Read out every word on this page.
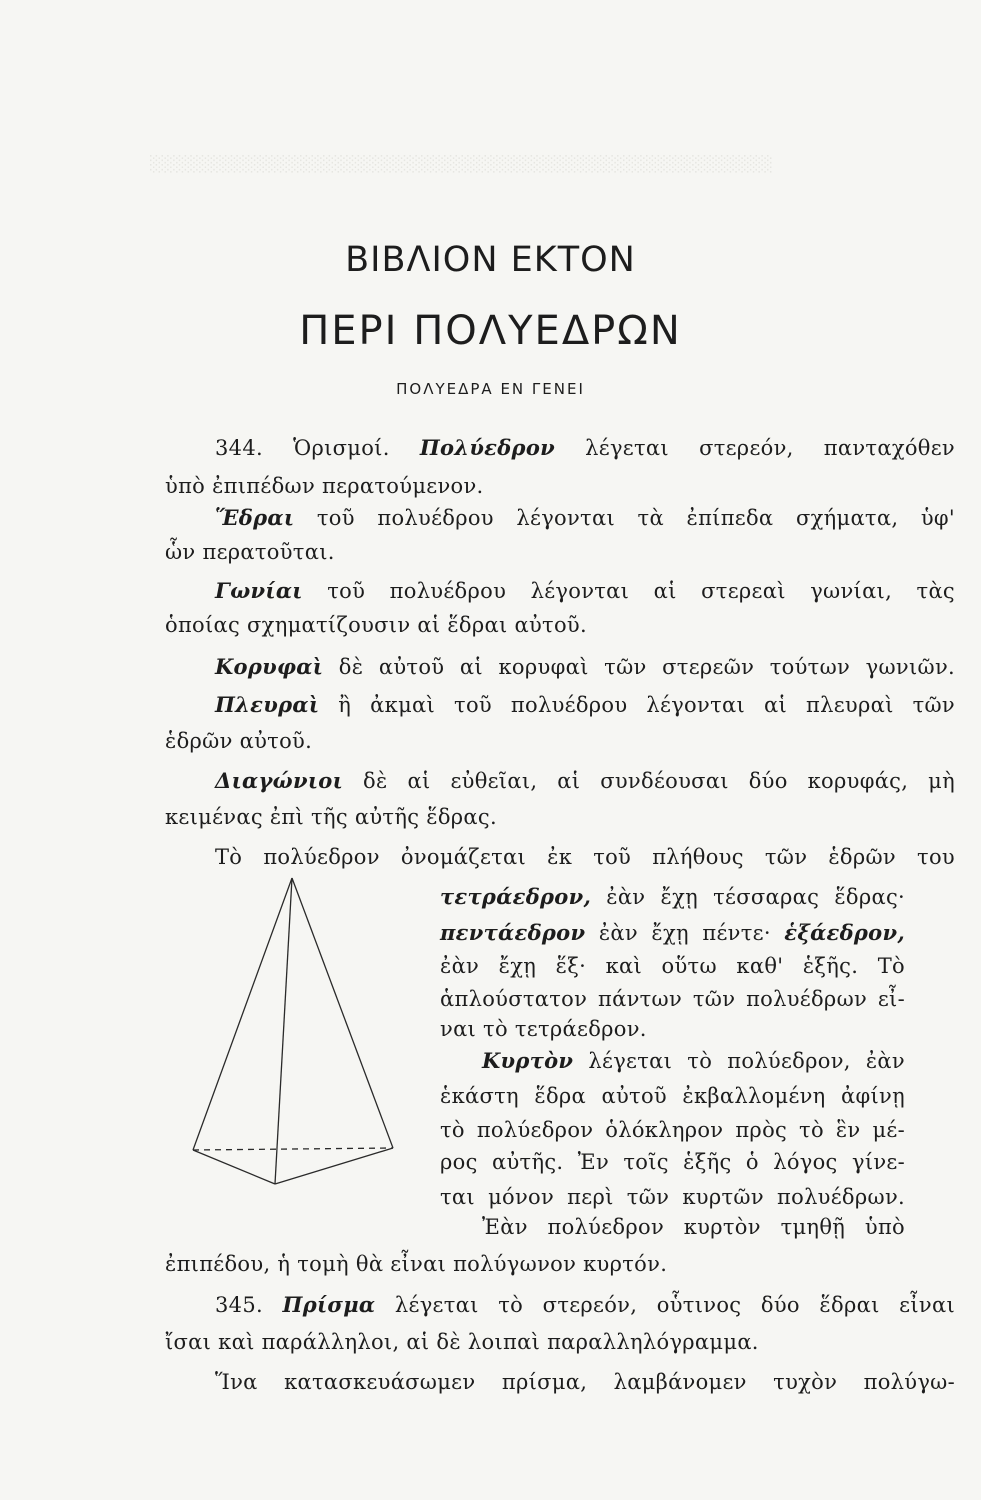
░░░░░░░░░░░░░░░░░░░░░░░░░░░░░░░░░░░░░░░░░░░░░░░░░░░░░░
ΒΙΒΛΙΟΝ ΕΚΤΟΝ
ΠΕΡΙ ΠΟΛΥΕΔΡΩΝ
ΠΟΛΥΕΔΡΑ ΕΝ ΓΕΝΕΙ
344. Ὁρισμοί. Πολύεδρον λέγεται στερεόν, πανταχόθεν
ὑπὸ ἐπιπέδων περατούμενον.
Ἕδραι τοῦ πολυέδρου λέγονται τὰ ἐπίπεδα σχήματα, ὑφ'
ὧν περατοῦται.
Γωνίαι τοῦ πολυέδρου λέγονται αἱ στερεαὶ γωνίαι, τὰς
ὁποίας σχηματίζουσιν αἱ ἕδραι αὐτοῦ.
Κορυφαὶ δὲ αὐτοῦ αἱ κορυφαὶ τῶν στερεῶν τούτων γωνιῶν.
Πλευραὶ ἢ ἀκμαὶ τοῦ πολυέδρου λέγονται αἱ πλευραὶ τῶν
ἑδρῶν αὐτοῦ.
Διαγώνιοι δὲ αἱ εὐθεῖαι, αἱ συνδέουσαι δύο κορυφάς, μὴ
κειμένας ἐπὶ τῆς αὐτῆς ἕδρας.
Τὸ πολύεδρον ὀνομάζεται ἐκ τοῦ πλήθους τῶν ἑδρῶν του
τετράεδρον, ἐὰν ἔχῃ τέσσαρας ἕδρας·
πεντάεδρον ἐὰν ἔχῃ πέντε· ἑξάεδρον,
ἐὰν ἔχῃ ἕξ· καὶ οὕτω καθ' ἑξῆς. Τὸ
ἁπλούστατον πάντων τῶν πολυέδρων εἶ-
ναι τὸ τετράεδρον.
Κυρτὸν λέγεται τὸ πολύεδρον, ἐὰν
ἑκάστη ἕδρα αὐτοῦ ἐκβαλλομένη ἀφίνῃ
τὸ πολύεδρον ὁλόκληρον πρὸς τὸ ἓν μέ-
ρος αὐτῆς. Ἐν τοῖς ἑξῆς ὁ λόγος γίνε-
ται μόνον περὶ τῶν κυρτῶν πολυέδρων.
Ἐὰν πολύεδρον κυρτὸν τμηθῇ ὑπὸ
ἐπιπέδου, ἡ τομὴ θὰ εἶναι πολύγωνον κυρτόν.
345. Πρίσμα λέγεται τὸ στερεόν, οὗτινος δύο ἕδραι εἶναι
ἴσαι καὶ παράλληλοι, αἱ δὲ λοιπαὶ παραλληλόγραμμα.
Ἵνα κατασκευάσωμεν πρίσμα, λαμβάνομεν τυχὸν πολύγω-
